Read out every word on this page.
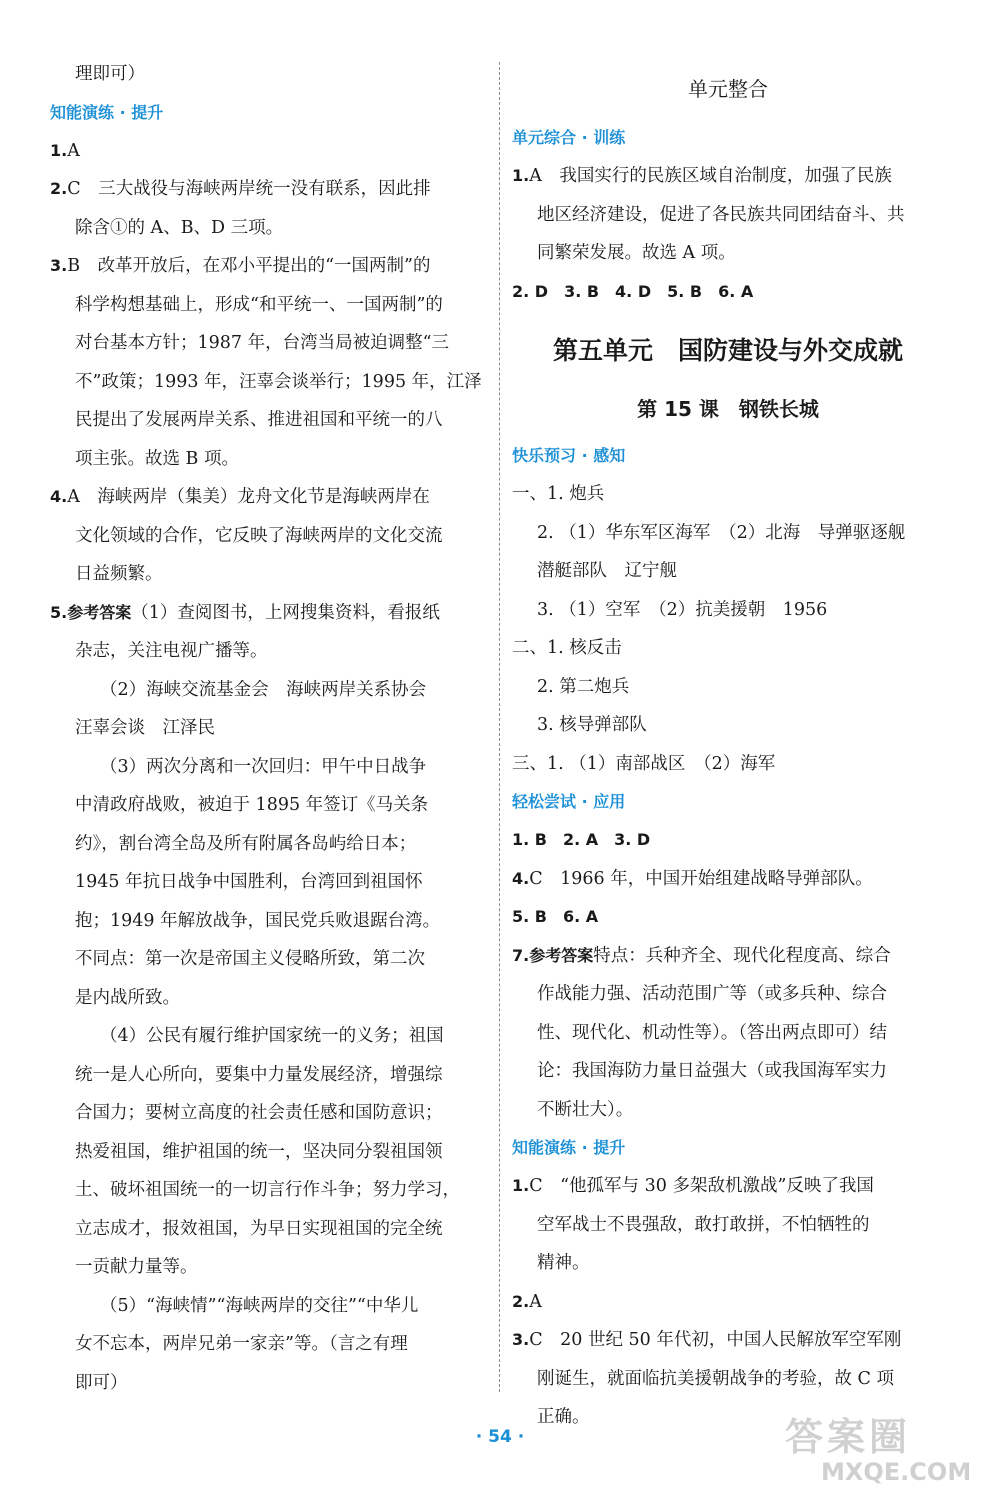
理即可）

知能演练 · 提升

1.A

2.C　三大战役与海峡两岸统一没有联系，因此排

除含①的 A、B、D 三项。

3.B　改革开放后，在邓小平提出的“一国两制”的

科学构想基础上，形成“和平统一、一国两制”的

对台基本方针；1987 年，台湾当局被迫调整“三

不”政策；1993 年，汪辜会谈举行；1995 年，江泽

民提出了发展两岸关系、推进祖国和平统一的八

项主张。故选 B 项。

4.A　海峡两岸（集美）龙舟文化节是海峡两岸在

文化领域的合作，它反映了海峡两岸的文化交流

日益频繁。

5.参考答案（1）查阅图书，上网搜集资料，看报纸

杂志，关注电视广播等。

（2）海峡交流基金会　海峡两岸关系协会

汪辜会谈　江泽民

（3）两次分离和一次回归：甲午中日战争

中清政府战败，被迫于 1895 年签订《马关条

约》，割台湾全岛及所有附属各岛屿给日本；

1945 年抗日战争中国胜利，台湾回到祖国怀

抱；1949 年解放战争，国民党兵败退踞台湾。

不同点：第一次是帝国主义侵略所致，第二次

是内战所致。

（4）公民有履行维护国家统一的义务；祖国

统一是人心所向，要集中力量发展经济，增强综

合国力；要树立高度的社会责任感和国防意识；

热爱祖国，维护祖国的统一，坚决同分裂祖国领

土、破坏祖国统一的一切言行作斗争；努力学习，

立志成才，报效祖国，为早日实现祖国的完全统

一贡献力量等。

（5）“海峡情”“海峡两岸的交往”“中华儿

女不忘本，两岸兄弟一家亲”等。（言之有理

即可）

单元整合

单元综合 · 训练

1.A　我国实行的民族区域自治制度，加强了民族

地区经济建设，促进了各民族共同团结奋斗、共

同繁荣发展。故选 A 项。

2. D　3. B　4. D　5. B　6. A

第五单元　国防建设与外交成就

第 15 课　钢铁长城

快乐预习 · 感知

一、1. 炮兵

2. （1）华东军区海军　（2）北海　导弹驱逐舰

潜艇部队　辽宁舰

3. （1）空军　（2）抗美援朝　1956

二、1. 核反击

2. 第二炮兵

3. 核导弹部队

三、1. （1）南部战区　（2）海军

轻松尝试 · 应用

1. B　2. A　3. D

4.C　1966 年，中国开始组建战略导弹部队。

5. B　6. A

7.参考答案特点：兵种齐全、现代化程度高、综合

作战能力强、活动范围广等（或多兵种、综合

性、现代化、机动性等）。（答出两点即可）结

论：我国海防力量日益强大（或我国海军实力

不断壮大）。

知能演练 · 提升

1.C　“他孤军与 30 多架敌机激战”反映了我国

空军战士不畏强敌，敢打敢拼，不怕牺牲的

精神。

2.A

3.C　20 世纪 50 年代初，中国人民解放军空军刚

刚诞生，就面临抗美援朝战争的考验，故 C 项

正确。

· 54 ·	答案圈
MXQE.COM
